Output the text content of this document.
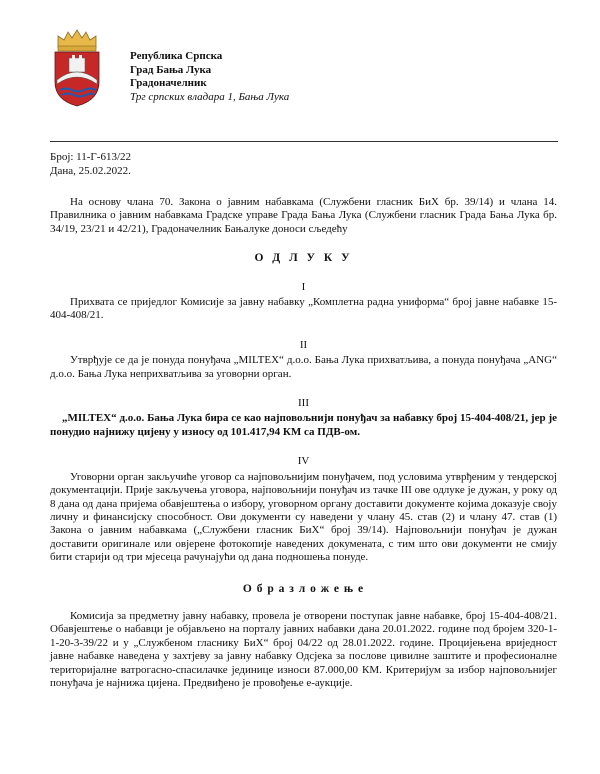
Република Српска
Град Бања Лука
Градоначелник
Трг српских владара 1, Бања Лука
Број: 11-Г-613/22
Дана, 25.02.2022.

На основу члана 70. Закона о јавним набавкама (Службени гласник БиХ бр. 39/14) и члана 14. Правилника о јавним набавкама Градске управе Града Бања Лука (Службени гласник Града Бања Лука бр. 34/19, 23/21 и 42/21), Градоначелник Бањалуке доноси сљедећу

О Д Л У К У

I

Прихвата се приједлог Комисије за јавну набавку „Комплетна радна униформа“ број јавне набавке 15-404-408/21.

II

Утврђује се да је понуда понуђача „MILTEX“ д.о.о. Бања Лука прихватљива, а понуда понуђача „ANG“ д.о.о. Бања Лука неприхватљива за уговорни орган.

III

„MILTEX“ д.о.о. Бања Лука бира се као најповољнији понуђач за набавку број 15-404-408/21, јер је понудио најнижу цијену у износу од 101.417,94 КМ са ПДВ-ом.

IV

Уговорни орган закључиће уговор са најповољнијим понуђачем, под условима утврђеним у тендерској документацији. Прије закључења уговора, најповољнији понуђач из тачке III ове одлуке је дужан, у року од 8 дана од дана пријема обавјештења о избору, уговорном органу доставити документе којима доказује своју личну и финансијску способност. Ови документи су наведени у члану 45. став (2) и члану 47. став (1) Закона о јавним набавкама („Службени гласник БиХ“ број 39/14). Најповољнији понуђач је дужан доставити оригинале или овјерене фотокопије наведених докумената, с тим што ови документи не смију бити старији од три мјесеца рачунајући од дана подношења понуде.

О б р а з л о ж е њ е

Комисија за предметну јавну набавку, провела је отворени поступак јавне набавке, број 15-404-408/21. Обавјештење о набавци је објављено на порталу јавних набавки дана 20.01.2022. године под бројем 320-1-1-20-3-39/22 и у „Службеном гласнику БиХ“ број 04/22 од 28.01.2022. године. Процијењена вриједност јавне набавке наведена у захтјеву за јавну набавку Одсјека за послове цивилне заштите и професионалне територијалне ватрогасно-спасилачке јединице износи 87.000,00 КМ. Критеријум за избор најповољнијег понуђача је најнижа цијена. Предвиђено је провођење е-аукције.
